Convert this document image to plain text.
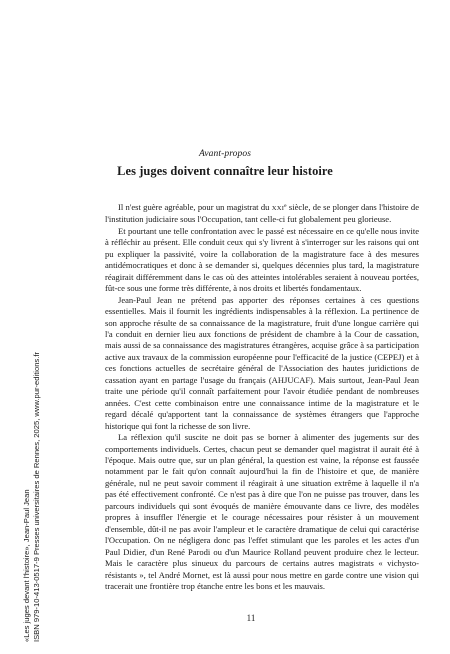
Avant-propos
Les juges doivent connaître leur histoire

Il n'est guère agréable, pour un magistrat du XXIe siècle, de se plonger dans l'histoire de l'institution judiciaire sous l'Occupation, tant celle-ci fut globalement peu glorieuse.

Et pourtant une telle confrontation avec le passé est nécessaire en ce qu'elle nous invite à réfléchir au présent. Elle conduit ceux qui s'y livrent à s'interroger sur les raisons qui ont pu expliquer la passivité, voire la collaboration de la magistrature face à des mesures antidémocratiques et donc à se demander si, quelques décennies plus tard, la magistrature réagirait différemment dans le cas où des atteintes intolérables seraient à nouveau portées, fût-ce sous une forme très différente, à nos droits et libertés fondamentaux.

Jean-Paul Jean ne prétend pas apporter des réponses certaines à ces questions essentielles. Mais il fournit les ingrédients indispensables à la réflexion. La pertinence de son approche résulte de sa connaissance de la magistrature, fruit d'une longue carrière qui l'a conduit en dernier lieu aux fonctions de président de chambre à la Cour de cassation, mais aussi de sa connaissance des magistratures étrangères, acquise grâce à sa participation active aux travaux de la commission européenne pour l'efficacité de la justice (CEPEJ) et à ces fonctions actuelles de secrétaire général de l'Association des hautes juridictions de cassation ayant en partage l'usage du français (AHJUCAF). Mais surtout, Jean-Paul Jean traite une période qu'il connaît parfaitement pour l'avoir étudiée pendant de nombreuses années. C'est cette combinaison entre une connaissance intime de la magistrature et le regard décalé qu'apportent tant la connaissance de systèmes étrangers que l'approche historique qui font la richesse de son livre.

La réflexion qu'il suscite ne doit pas se borner à alimenter des jugements sur des comportements individuels. Certes, chacun peut se demander quel magistrat il aurait été à l'époque. Mais outre que, sur un plan général, la question est vaine, la réponse est faussée notamment par le fait qu'on connaît aujourd'hui la fin de l'histoire et que, de manière générale, nul ne peut savoir comment il réagirait à une situation extrême à laquelle il n'a pas été effectivement confronté. Ce n'est pas à dire que l'on ne puisse pas trouver, dans les parcours individuels qui sont évoqués de manière émouvante dans ce livre, des modèles propres à insuffler l'énergie et le courage nécessaires pour résister à un mouvement d'ensemble, dût-il ne pas avoir l'ampleur et le caractère dramatique de celui qui caractérise l'Occupation. On ne négligera donc pas l'effet stimulant que les paroles et les actes d'un Paul Didier, d'un René Parodi ou d'un Maurice Rolland peuvent produire chez le lecteur. Mais le caractère plus sinueux du parcours de certains autres magistrats « vichysto-résistants », tel André Mornet, est là aussi pour nous mettre en garde contre une vision qui tracerait une frontière trop étanche entre les bons et les mauvais.

11
«Les juges devant l'histoire», Jean-Paul Jean ISBN 979-10-413-0517-9 Presses universitaires de Rennes, 2025, www.pur-editions.fr
